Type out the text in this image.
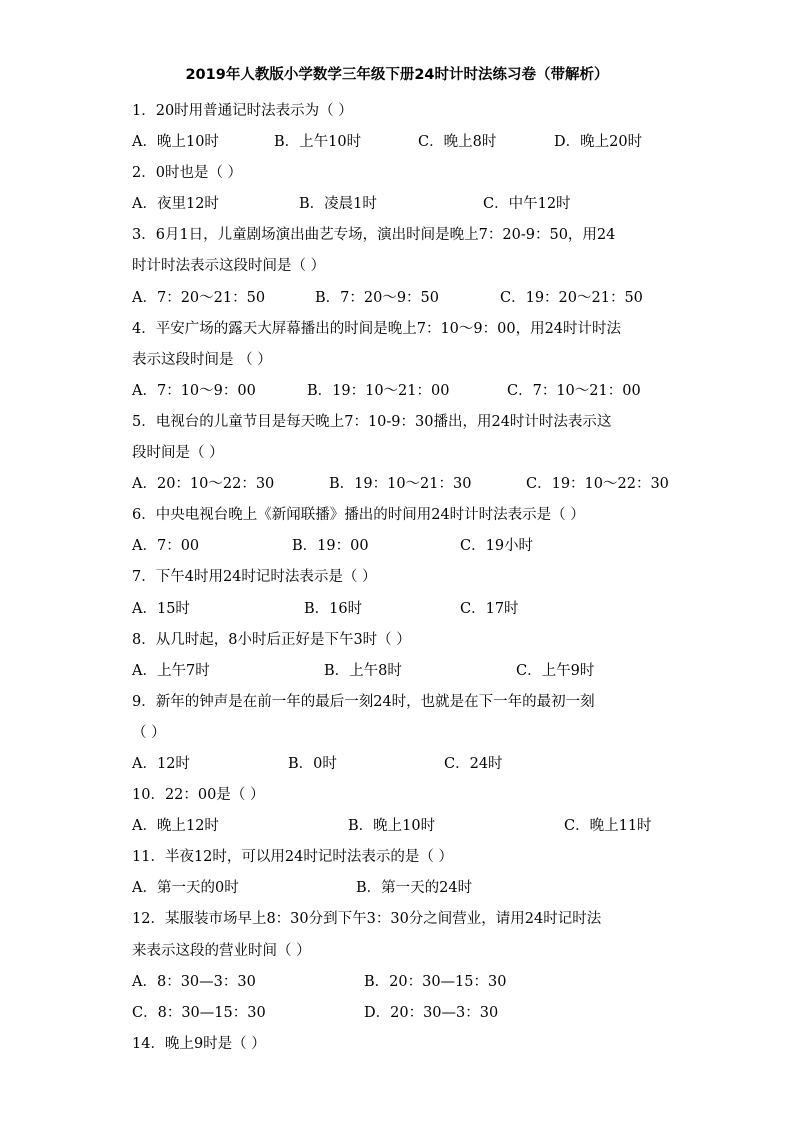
2019年人教版小学数学三年级下册24时计时法练习卷（带解析）
1．20时用普通记时法表示为（ ）
A．晚上10时	B．上午10时	C．晚上8时	D．晚上20时
2．0时也是（ ）
A．夜里12时	B．凌晨1时	C．中午12时
3．6月1日，儿童剧场演出曲艺专场，演出时间是晚上7：20-9：50，用24
时计时法表示这段时间是（ ）
A．7：20～21：50	B．7：20～9：50	C．19：20～21：50
4．平安广场的露天大屏幕播出的时间是晚上7：10～9：00，用24时计时法
表示这段时间是 （ ）
A．7：10～9：00	B．19：10～21：00	C．7：10～21：00
5．电视台的儿童节目是每天晚上7：10-9：30播出，用24时计时法表示这
段时间是（ ）
A．20：10～22：30	B．19：10～21：30	C．19：10～22：30
6．中央电视台晚上《新闻联播》播出的时间用24时计时法表示是（ ）
A．7：00	B．19：00	C．19小时
7．下午4时用24时记时法表示是（ ）
A．15时	B．16时	C．17时
8．从几时起，8小时后正好是下午3时（ ）
A．上午7时	B．上午8时	C．上午9时
9．新年的钟声是在前一年的最后一刻24时，也就是在下一年的最初一刻
（ ）
A．12时	B．0时	C．24时
10．22：00是（ ）
A．晚上12时	B．晚上10时	C．晚上11时
11．半夜12时，可以用24时记时法表示的是（ ）
A．第一天的0时	B．第一天的24时
12．某服装市场早上8：30分到下午3：30分之间营业，请用24时记时法
来表示这段的营业时间（ ）
A．8：30—3：30	B．20：30—15：30
C．8：30—15：30	D．20：30—3：30
14．晚上9时是（ ）
